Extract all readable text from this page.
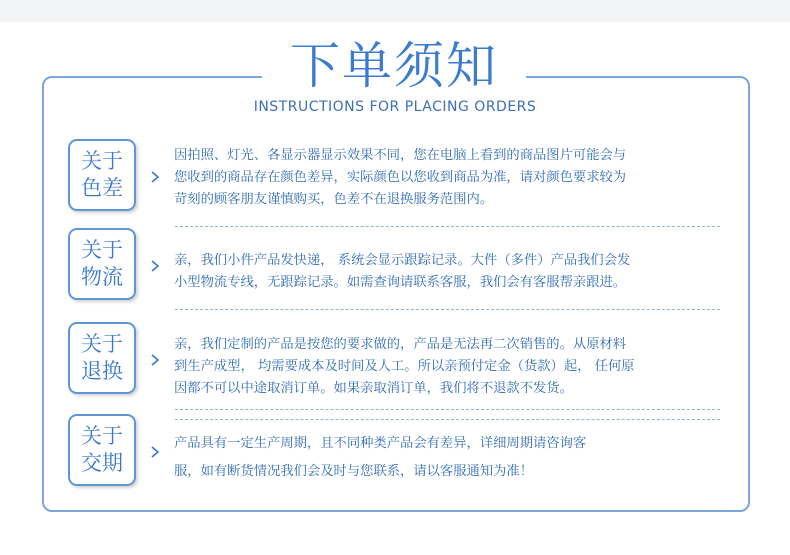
下单须知
INSTRUCTIONS FOR PLACING ORDERS
关于
色差
因拍照、灯光、各显示器显示效果不同，您在电脑上看到的商品图片可能会与
您收到的商品存在颜色差异，实际颜色以您收到商品为准，请对颜色要求较为
苛刻的顾客朋友谨慎购买，色差不在退换服务范围内。
关于
物流
亲，我们小件产品发快递， 系统会显示跟踪记录。大件（多件）产品我们会发
小型物流专线，无跟踪记录。如需查询请联系客服，我们会有客服帮亲跟进。
关于
退换
亲，我们定制的产品是按您的要求做的，产品是无法再二次销售的。从原材料
到生产成型， 均需要成本及时间及人工。所以亲预付定金（货款）起， 任何原
因都不可以中途取消订单。如果亲取消订单，我们将不退款不发货。
关于
交期
产品具有一定生产周期，且不同种类产品会有差异，详细周期请咨询客
服，如有断货情况我们会及时与您联系，请以客服通知为准！
